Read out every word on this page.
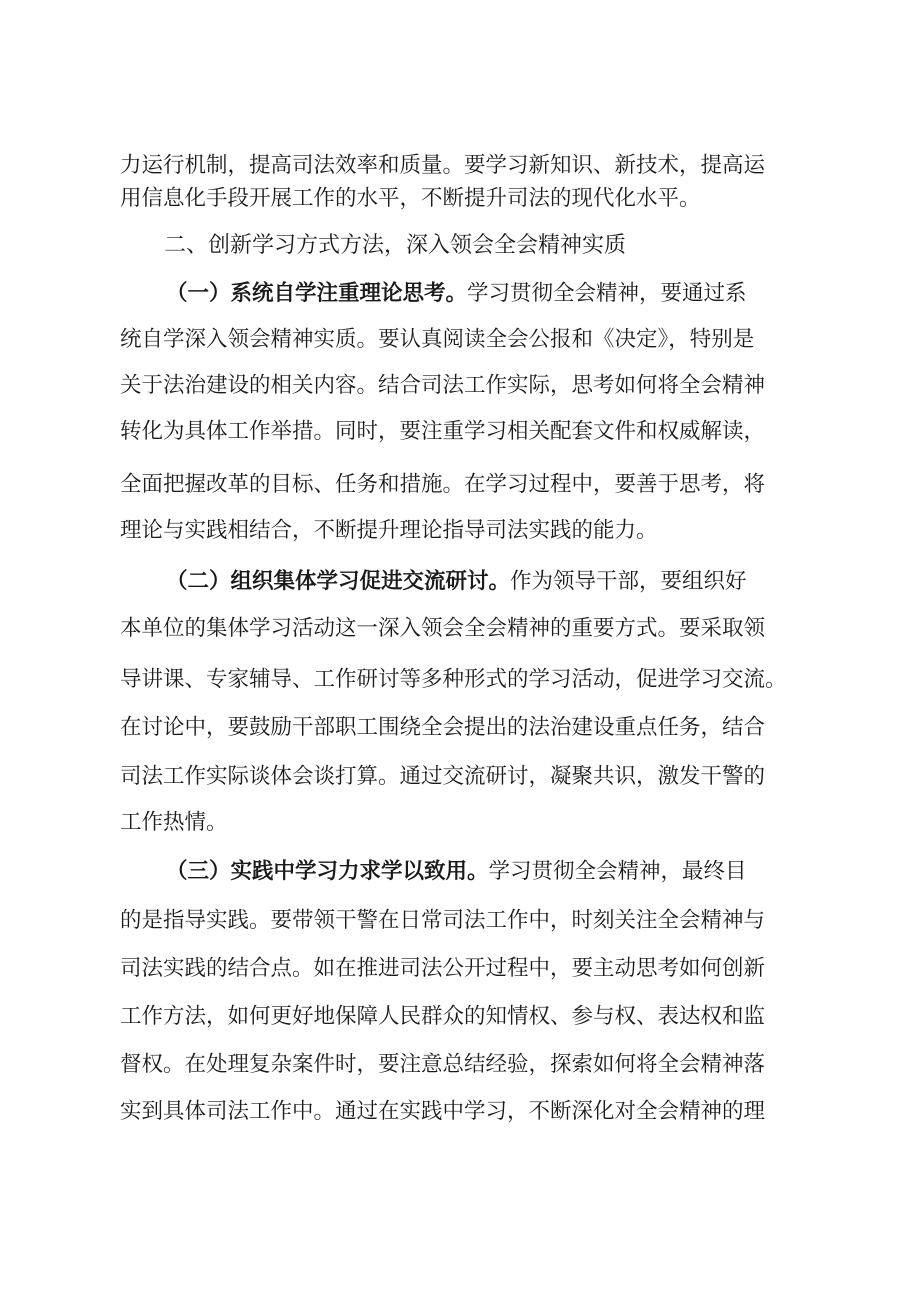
力运行机制，提高司法效率和质量。要学习新知识、新技术，提高运
用信息化手段开展工作的水平，不断提升司法的现代化水平。
二、创新学习方式方法，深入领会全会精神实质
（一）系统自学注重理论思考。学习贯彻全会精神，要通过系
统自学深入领会精神实质。要认真阅读全会公报和《决定》，特别是
关于法治建设的相关内容。结合司法工作实际，思考如何将全会精神
转化为具体工作举措。同时，要注重学习相关配套文件和权威解读，
全面把握改革的目标、任务和措施。在学习过程中，要善于思考，将
理论与实践相结合，不断提升理论指导司法实践的能力。
（二）组织集体学习促进交流研讨。作为领导干部，要组织好
本单位的集体学习活动这一深入领会全会精神的重要方式。要采取领
导讲课、专家辅导、工作研讨等多种形式的学习活动，促进学习交流。
在讨论中，要鼓励干部职工围绕全会提出的法治建设重点任务，结合
司法工作实际谈体会谈打算。通过交流研讨，凝聚共识，激发干警的
工作热情。
（三）实践中学习力求学以致用。学习贯彻全会精神，最终目
的是指导实践。要带领干警在日常司法工作中，时刻关注全会精神与
司法实践的结合点。如在推进司法公开过程中，要主动思考如何创新
工作方法，如何更好地保障人民群众的知情权、参与权、表达权和监
督权。在处理复杂案件时，要注意总结经验，探索如何将全会精神落
实到具体司法工作中。通过在实践中学习，不断深化对全会精神的理
